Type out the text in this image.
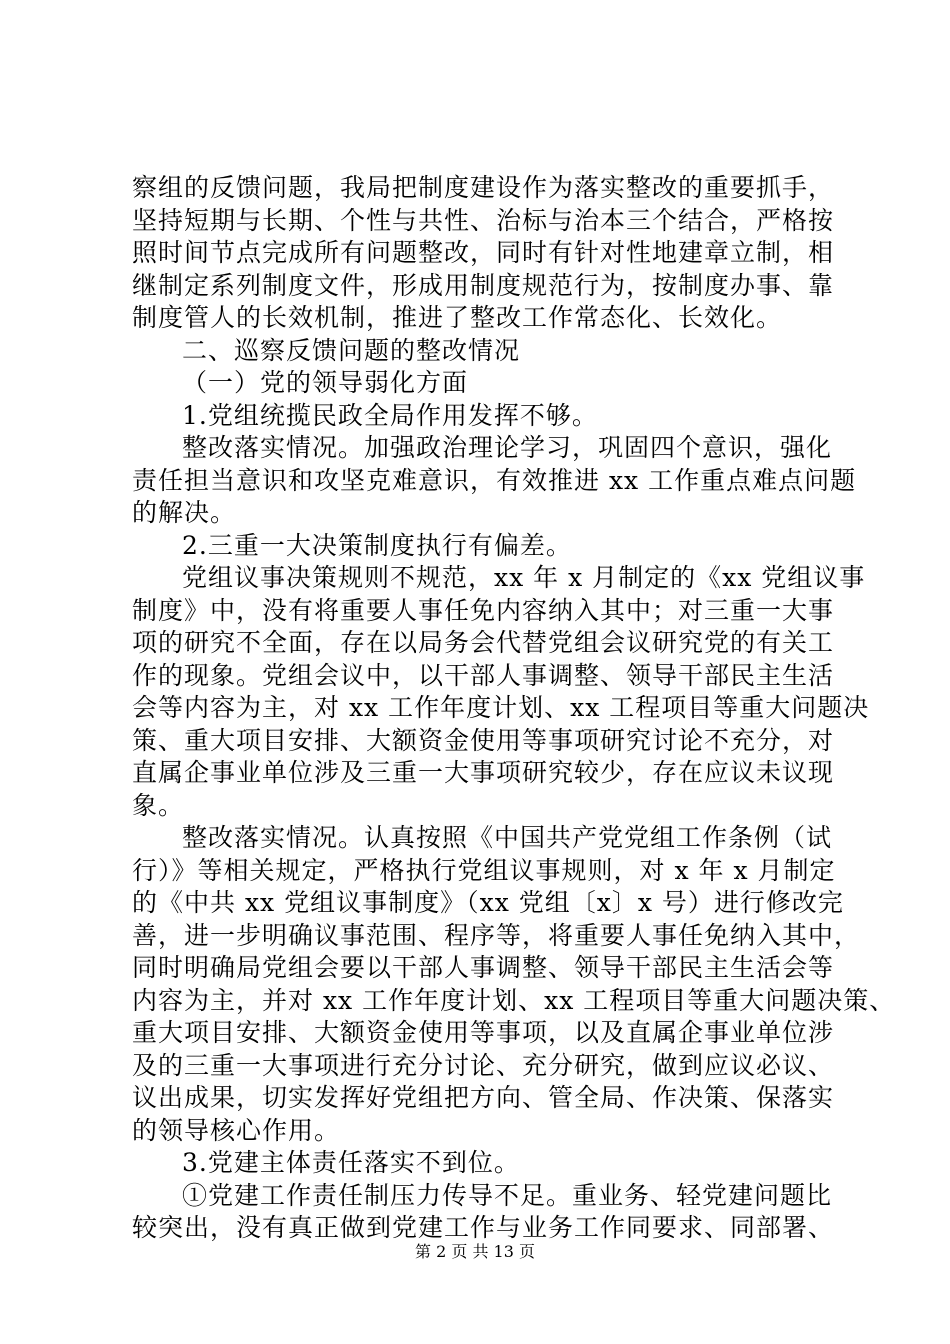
察组的反馈问题，我局把制度建设作为落实整改的重要抓手，
坚持短期与长期、个性与共性、治标与治本三个结合，严格按
照时间节点完成所有问题整改，同时有针对性地建章立制，相
继制定系列制度文件，形成用制度规范行为，按制度办事、靠
制度管人的长效机制，推进了整改工作常态化、长效化。
二、巡察反馈问题的整改情况
（一）党的领导弱化方面
1.党组统揽民政全局作用发挥不够。
整改落实情况。加强政治理论学习，巩固四个意识，强化
责任担当意识和攻坚克难意识，有效推进 xx 工作重点难点问题
的解决。
2.三重一大决策制度执行有偏差。
党组议事决策规则不规范，xx 年 x 月制定的《xx 党组议事
制度》中，没有将重要人事任免内容纳入其中；对三重一大事
项的研究不全面，存在以局务会代替党组会议研究党的有关工
作的现象。党组会议中，以干部人事调整、领导干部民主生活
会等内容为主，对 xx 工作年度计划、xx 工程项目等重大问题决
策、重大项目安排、大额资金使用等事项研究讨论不充分，对
直属企事业单位涉及三重一大事项研究较少，存在应议未议现
象。
整改落实情况。认真按照《中国共产党党组工作条例（试
行）》等相关规定，严格执行党组议事规则，对 x 年 x 月制定
的《中共 xx 党组议事制度》（xx 党组〔x〕x 号）进行修改完
善，进一步明确议事范围、程序等，将重要人事任免纳入其中，
同时明确局党组会要以干部人事调整、领导干部民主生活会等
内容为主，并对 xx 工作年度计划、xx 工程项目等重大问题决策、
重大项目安排、大额资金使用等事项，以及直属企事业单位涉
及的三重一大事项进行充分讨论、充分研究，做到应议必议、
议出成果，切实发挥好党组把方向、管全局、作决策、保落实
的领导核心作用。
3.党建主体责任落实不到位。
①党建工作责任制压力传导不足。重业务、轻党建问题比
较突出，没有真正做到党建工作与业务工作同要求、同部署、
第 2 页 共 13 页
